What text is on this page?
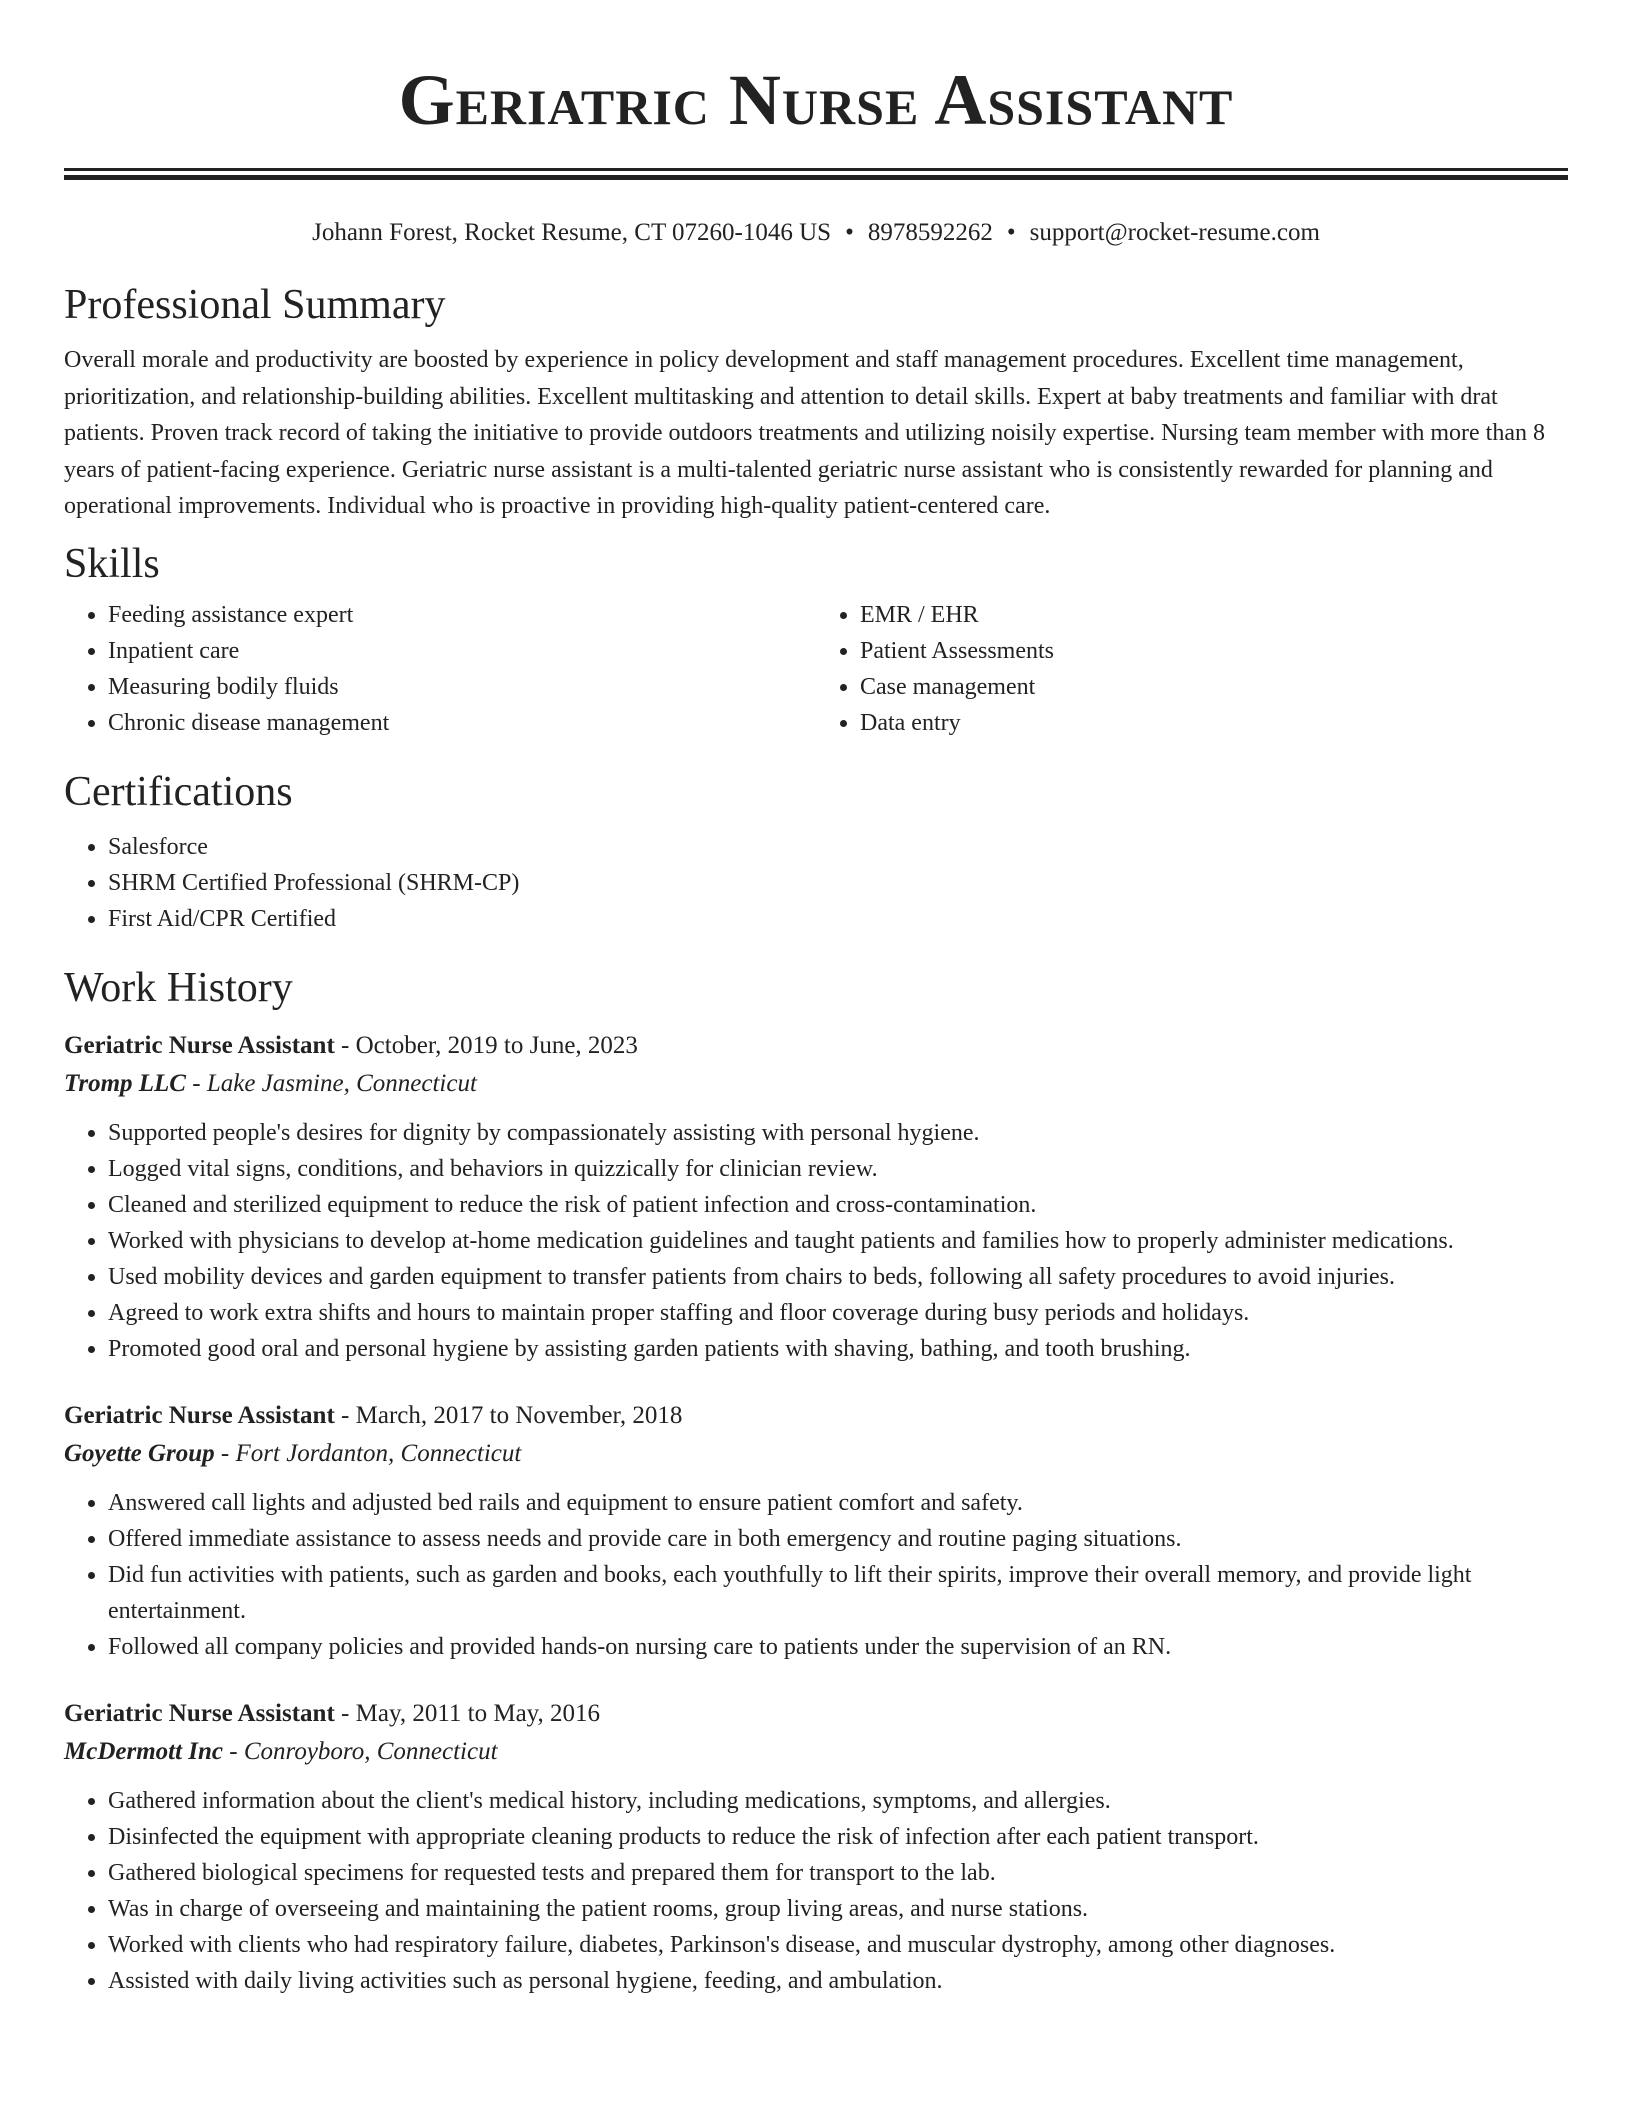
Geriatric Nurse Assistant
Johann Forest, Rocket Resume, CT 07260-1046 US • 8978592262 • support@rocket-resume.com
Professional Summary

Overall morale and productivity are boosted by experience in policy development and staff management procedures. Excellent time management, prioritization, and relationship-building abilities. Excellent multitasking and attention to detail skills. Expert at baby treatments and familiar with drat patients. Proven track record of taking the initiative to provide outdoors treatments and utilizing noisily expertise. Nursing team member with more than 8 years of patient-facing experience. Geriatric nurse assistant is a multi-talented geriatric nurse assistant who is consistently rewarded for planning and operational improvements. Individual who is proactive in providing high-quality patient-centered care.

Skills
• Feeding assistance expert
• Inpatient care
• Measuring bodily fluids
• Chronic disease management
• EMR / EHR
• Patient Assessments
• Case management
• Data entry
Certifications
• Salesforce
• SHRM Certified Professional (SHRM-CP)
• First Aid/CPR Certified
Work History
Geriatric Nurse Assistant - October, 2019 to June, 2023
Tromp LLC - Lake Jasmine, Connecticut
• Supported people's desires for dignity by compassionately assisting with personal hygiene.
• Logged vital signs, conditions, and behaviors in quizzically for clinician review.
• Cleaned and sterilized equipment to reduce the risk of patient infection and cross-contamination.
• Worked with physicians to develop at-home medication guidelines and taught patients and families how to properly administer medications.
• Used mobility devices and garden equipment to transfer patients from chairs to beds, following all safety procedures to avoid injuries.
• Agreed to work extra shifts and hours to maintain proper staffing and floor coverage during busy periods and holidays.
• Promoted good oral and personal hygiene by assisting garden patients with shaving, bathing, and tooth brushing.
Geriatric Nurse Assistant - March, 2017 to November, 2018
Goyette Group - Fort Jordanton, Connecticut
• Answered call lights and adjusted bed rails and equipment to ensure patient comfort and safety.
• Offered immediate assistance to assess needs and provide care in both emergency and routine paging situations.
• Did fun activities with patients, such as garden and books, each youthfully to lift their spirits, improve their overall memory, and provide light entertainment.
• Followed all company policies and provided hands-on nursing care to patients under the supervision of an RN.
Geriatric Nurse Assistant - May, 2011 to May, 2016
McDermott Inc - Conroyboro, Connecticut
• Gathered information about the client's medical history, including medications, symptoms, and allergies.
• Disinfected the equipment with appropriate cleaning products to reduce the risk of infection after each patient transport.
• Gathered biological specimens for requested tests and prepared them for transport to the lab.
• Was in charge of overseeing and maintaining the patient rooms, group living areas, and nurse stations.
• Worked with clients who had respiratory failure, diabetes, Parkinson's disease, and muscular dystrophy, among other diagnoses.
• Assisted with daily living activities such as personal hygiene, feeding, and ambulation.
